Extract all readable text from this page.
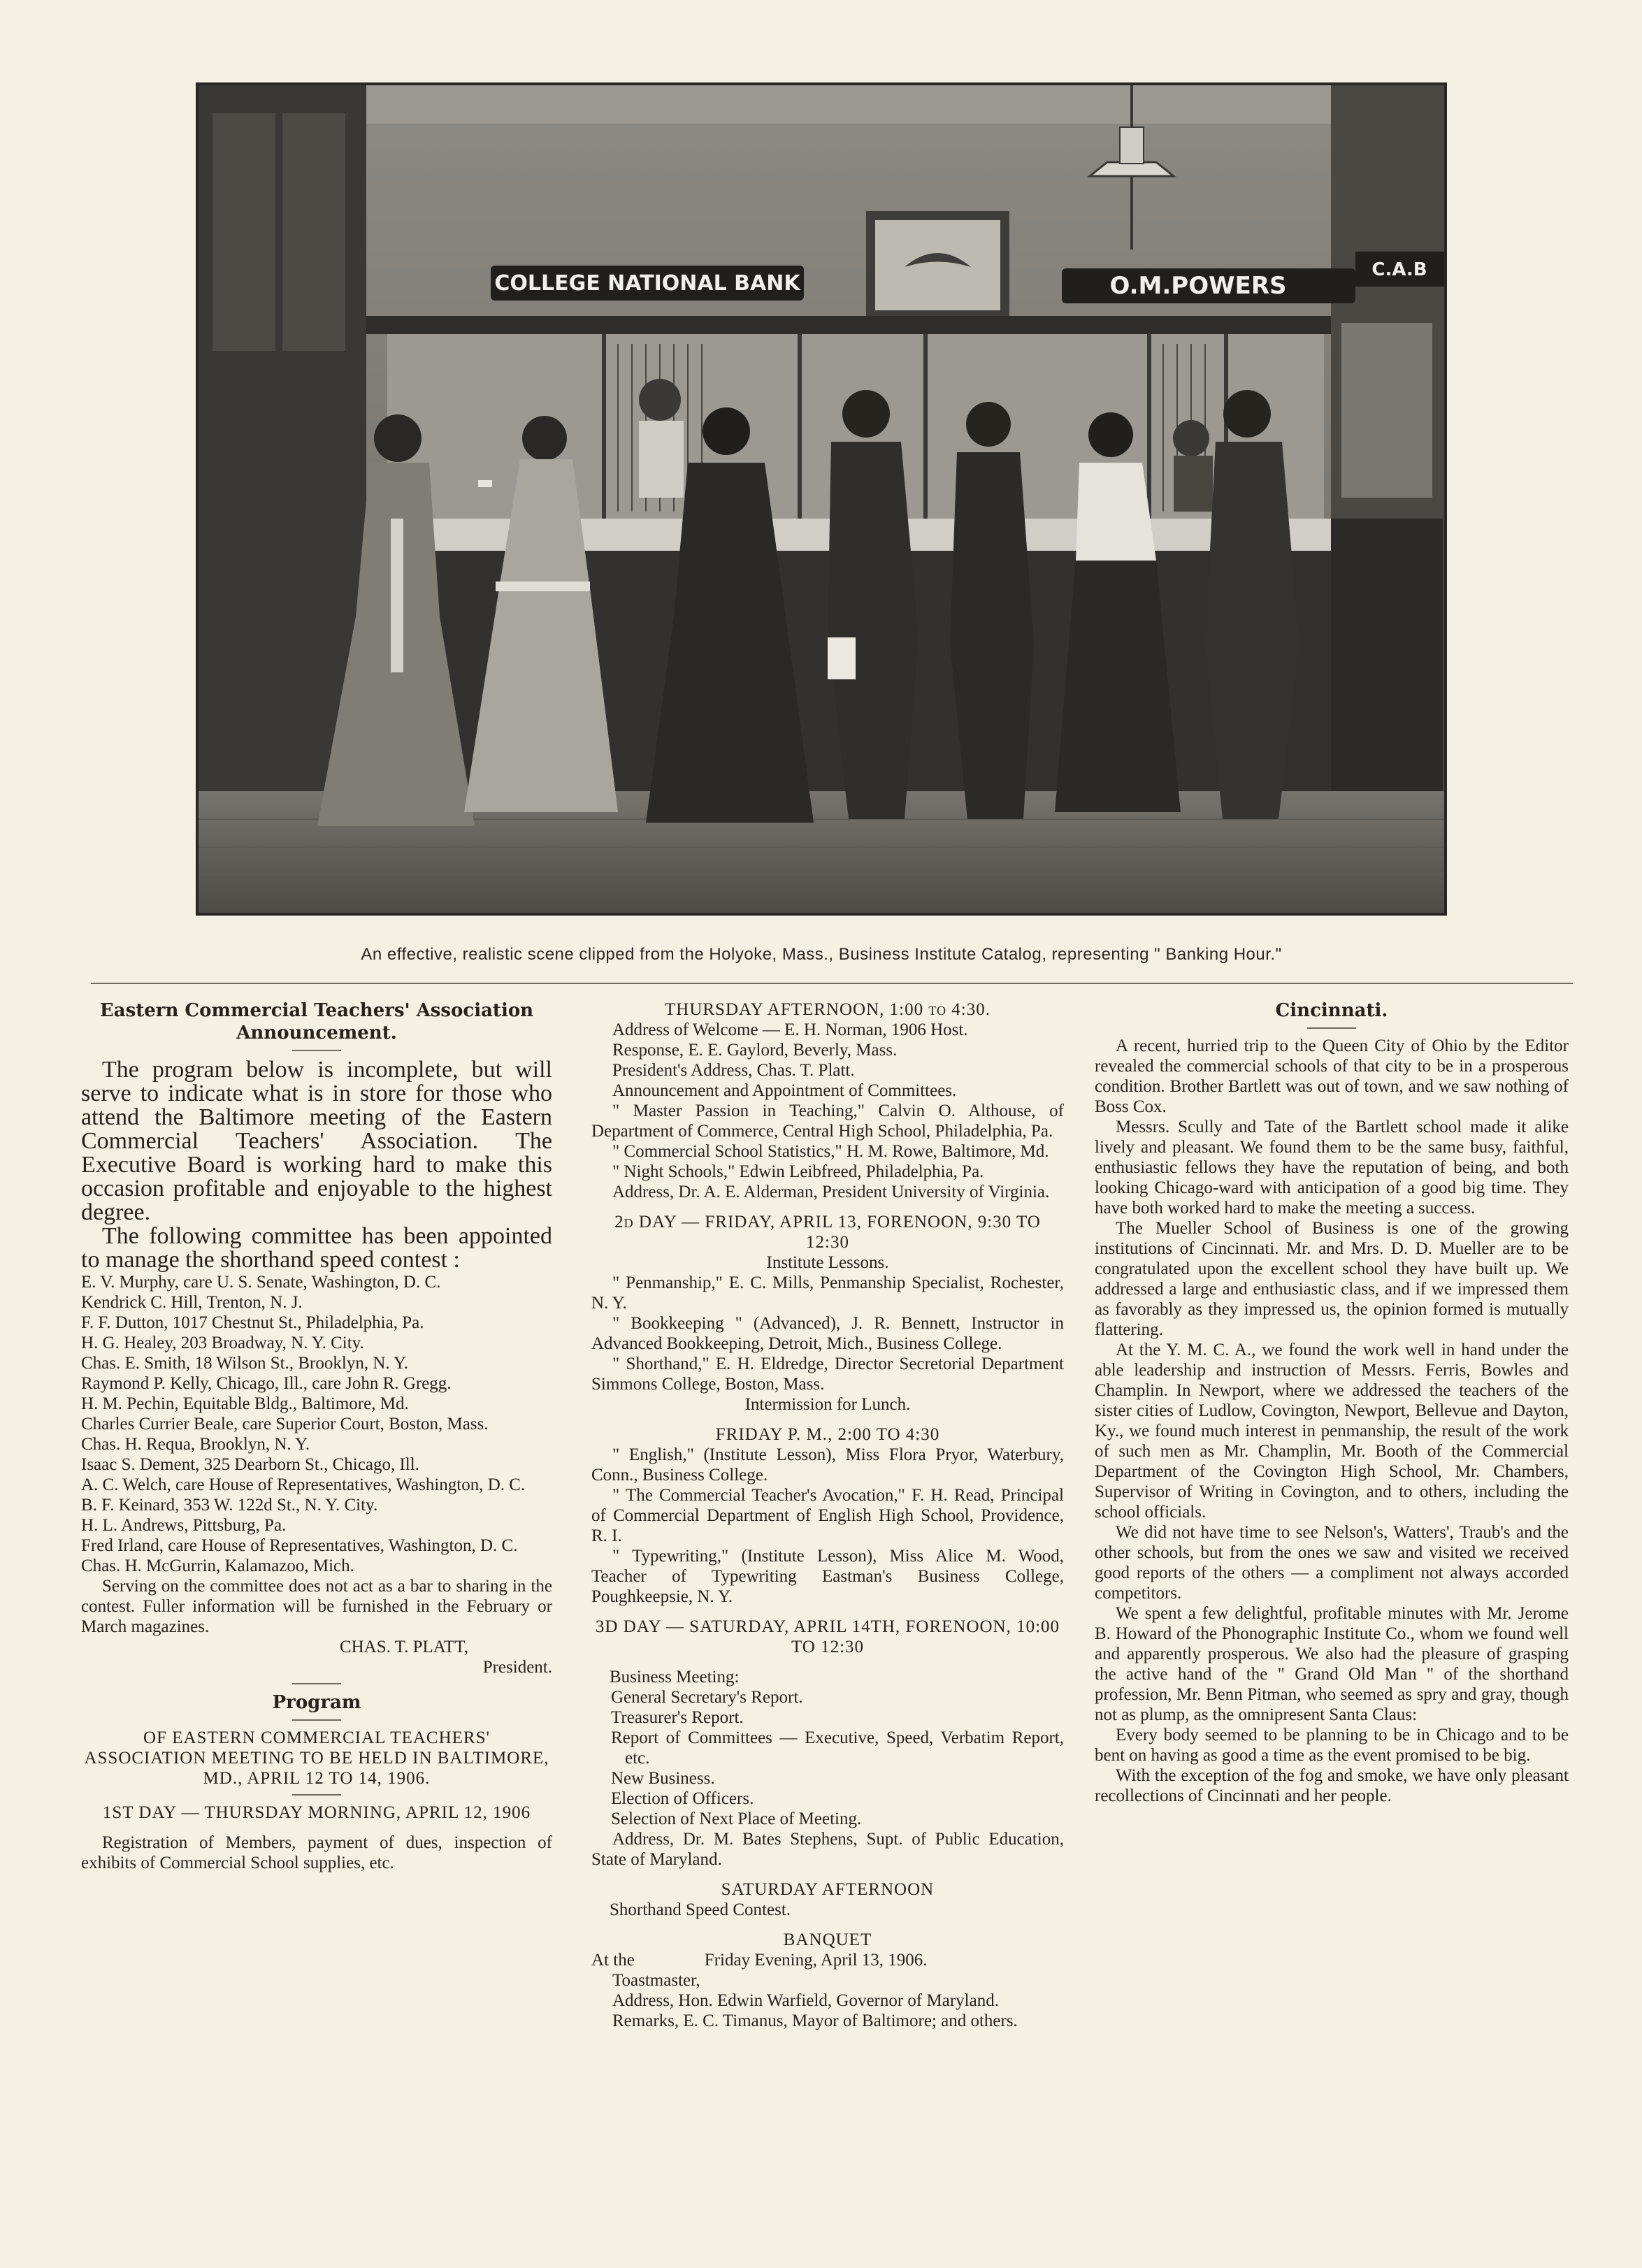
COLLEGE NATIONAL BANK	O.M.POWERS
C.A.B
An effective, realistic scene clipped from the Holyoke, Mass., Business Institute Catalog, representing " Banking Hour."

Eastern Commercial Teachers' Association Announcement.

The program below is incomplete, but will serve to indicate what is in store for those who attend the Baltimore meeting of the Eastern Commercial Teachers' Association. The Executive Board is working hard to make this occasion profitable and enjoyable to the highest degree.

The following committee has been appointed to manage the shorthand speed contest :

E. V. Murphy, care U. S. Senate, Washington, D. C.

Kendrick C. Hill, Trenton, N. J.

F. F. Dutton, 1017 Chestnut St., Philadelphia, Pa.

H. G. Healey, 203 Broadway, N. Y. City.

Chas. E. Smith, 18 Wilson St., Brooklyn, N. Y.

Raymond P. Kelly, Chicago, Ill., care John R. Gregg.

H. M. Pechin, Equitable Bldg., Baltimore, Md.

Charles Currier Beale, care Superior Court, Boston, Mass.

Chas. H. Requa, Brooklyn, N. Y.

Isaac S. Dement, 325 Dearborn St., Chicago, Ill.

A. C. Welch, care House of Representatives, Washington, D. C.

B. F. Keinard, 353 W. 122d St., N. Y. City.

H. L. Andrews, Pittsburg, Pa.

Fred Irland, care House of Representatives, Washington, D. C.

Chas. H. McGurrin, Kalamazoo, Mich.

Serving on the committee does not act as a bar to sharing in the contest. Fuller information will be furnished in the February or March magazines.

CHAS. T. PLATT,

President.

Program

OF EASTERN COMMERCIAL TEACHERS' ASSOCIATION MEETING TO BE HELD IN BALTIMORE, MD., APRIL 12 TO 14, 1906.

1ST DAY — THURSDAY MORNING, APRIL 12, 1906

Registration of Members, payment of dues, inspection of exhibits of Commercial School supplies, etc.

THURSDAY AFTERNOON, 1:00 to 4:30.

Address of Welcome — E. H. Norman, 1906 Host.

Response, E. E. Gaylord, Beverly, Mass.

President's Address, Chas. T. Platt.

Announcement and Appointment of Committees.

" Master Passion in Teaching," Calvin O. Althouse, of Department of Commerce, Central High School, Philadelphia, Pa.

" Commercial School Statistics," H. M. Rowe, Baltimore, Md.

" Night Schools," Edwin Leibfreed, Philadelphia, Pa.

Address, Dr. A. E. Alderman, President University of Virginia.

2d DAY — FRIDAY, APRIL 13, FORENOON, 9:30 TO 12:30

Institute Lessons.

" Penmanship," E. C. Mills, Penmanship Specialist, Rochester, N. Y.

" Bookkeeping " (Advanced), J. R. Bennett, Instructor in Advanced Bookkeeping, Detroit, Mich., Business College.

" Shorthand," E. H. Eldredge, Director Secretorial Department Simmons College, Boston, Mass.

Intermission for Lunch.

FRIDAY P. M., 2:00 TO 4:30

" English," (Institute Lesson), Miss Flora Pryor, Waterbury, Conn., Business College.

" The Commercial Teacher's Avocation," F. H. Read, Principal of Commercial Department of English High School, Providence, R. I.

" Typewriting," (Institute Lesson), Miss Alice M. Wood, Teacher of Typewriting Eastman's Business College, Poughkeepsie, N. Y.

3D DAY — SATURDAY, APRIL 14TH, FORENOON, 10:00 TO 12:30

Business Meeting:

General Secretary's Report.

Treasurer's Report.

Report of Committees — Executive, Speed, Verbatim Report, etc.

New Business.

Election of Officers.

Selection of Next Place of Meeting.

Address, Dr. M. Bates Stephens, Supt. of Public Education, State of Maryland.

SATURDAY AFTERNOON

Shorthand Speed Contest.

BANQUET

At the                Friday Evening, April 13, 1906.

Toastmaster,

Address, Hon. Edwin Warfield, Governor of Maryland.

Remarks, E. C. Timanus, Mayor of Baltimore; and others.

Cincinnati.

A recent, hurried trip to the Queen City of Ohio by the Editor revealed the commercial schools of that city to be in a prosperous condition. Brother Bartlett was out of town, and we saw nothing of Boss Cox.

Messrs. Scully and Tate of the Bartlett school made it alike lively and pleasant. We found them to be the same busy, faithful, enthusiastic fellows they have the reputation of being, and both looking Chicago-ward with anticipation of a good big time. They have both worked hard to make the meeting a success.

The Mueller School of Business is one of the growing institutions of Cincinnati. Mr. and Mrs. D. D. Mueller are to be congratulated upon the excellent school they have built up. We addressed a large and enthusiastic class, and if we impressed them as favorably as they impressed us, the opinion formed is mutually flattering.

At the Y. M. C. A., we found the work well in hand under the able leadership and instruction of Messrs. Ferris, Bowles and Champlin. In Newport, where we addressed the teachers of the sister cities of Ludlow, Covington, Newport, Bellevue and Dayton, Ky., we found much interest in penmanship, the result of the work of such men as Mr. Champlin, Mr. Booth of the Commercial Department of the Covington High School, Mr. Chambers, Supervisor of Writing in Covington, and to others, including the school officials.

We did not have time to see Nelson's, Watters', Traub's and the other schools, but from the ones we saw and visited we received good reports of the others — a compliment not always accorded competitors.

We spent a few delightful, profitable minutes with Mr. Jerome B. Howard of the Phonographic Institute Co., whom we found well and apparently prosperous. We also had the pleasure of grasping the active hand of the " Grand Old Man " of the shorthand profession, Mr. Benn Pitman, who seemed as spry and gray, though not as plump, as the omnipresent Santa Claus:

Every body seemed to be planning to be in Chicago and to be bent on having as good a time as the event promised to be big.

With the exception of the fog and smoke, we have only pleasant recollections of Cincinnati and her people.
